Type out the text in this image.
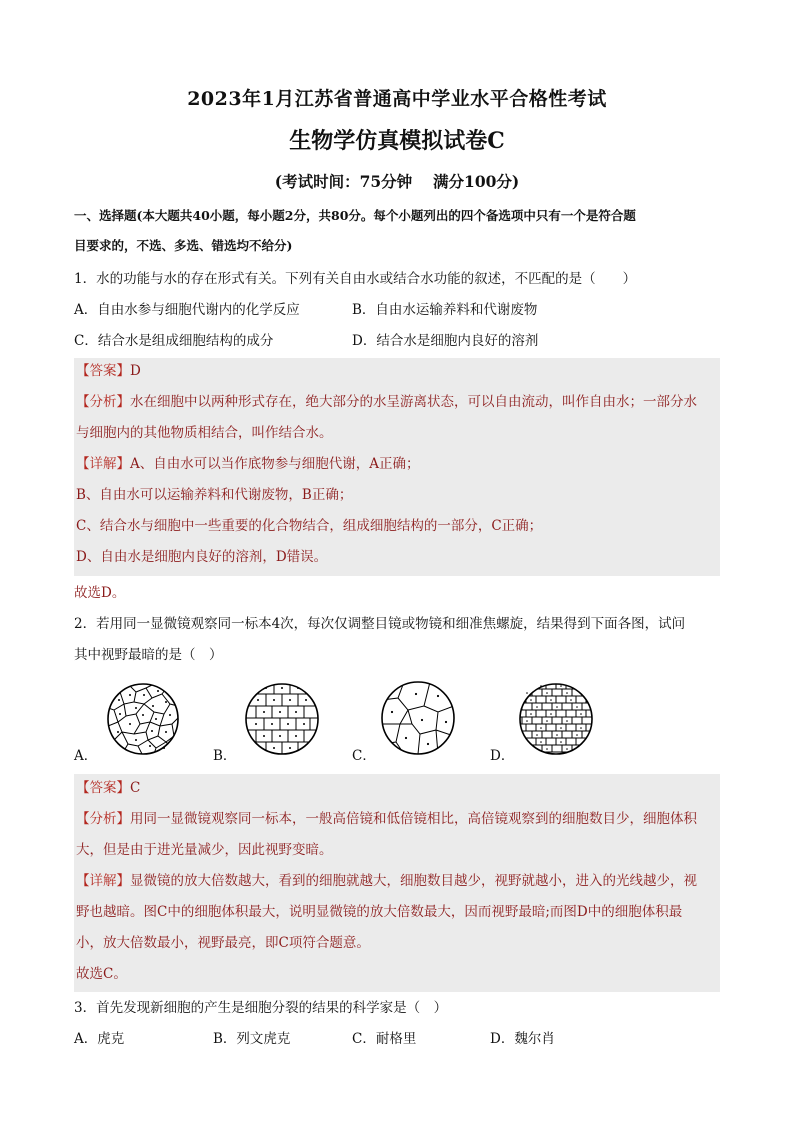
2023年1月江苏省普通高中学业水平合格性考试
生物学仿真模拟试卷C
(考试时间：75分钟　 满分100分)
一、选择题(本大题共40小题，每小题2分，共80分。每个小题列出的四个备选项中只有一个是符合题
目要求的，不选、多选、错选均不给分)
1．水的功能与水的存在形式有关。下列有关自由水或结合水功能的叙述，不匹配的是（　　）
A．自由水参与细胞代谢内的化学反应	B．自由水运输养料和代谢废物
C．结合水是组成细胞结构的成分	D．结合水是细胞内良好的溶剂
【答案】D
【分析】水在细胞中以两种形式存在，绝大部分的水呈游离状态，可以自由流动，叫作自由水；一部分水
与细胞内的其他物质相结合，叫作结合水。
【详解】A、自由水可以当作底物参与细胞代谢，A正确；
B、自由水可以运输养料和代谢废物，B正确；
C、结合水与细胞中一些重要的化合物结合，组成细胞结构的一部分，C正确；
D、自由水是细胞内良好的溶剂，D错误。
故选D。
2．若用同一显微镜观察同一标本4次，每次仅调整目镜或物镜和细准焦螺旋，结果得到下面各图，试问
其中视野最暗的是（　）
A．	B．	C．	D．
【答案】C
【分析】用同一显微镜观察同一标本，一般高倍镜和低倍镜相比，高倍镜观察到的细胞数目少，细胞体积
大，但是由于进光量减少，因此视野变暗。
【详解】显微镜的放大倍数越大，看到的细胞就越大，细胞数目越少，视野就越小，进入的光线越少，视
野也越暗。图C中的细胞体积最大，说明显微镜的放大倍数最大，因而视野最暗;而图D中的细胞体积最
小，放大倍数最小，视野最亮，即C项符合题意。
故选C。
3．首先发现新细胞的产生是细胞分裂的结果的科学家是（　）
A．虎克	B．列文虎克	C．耐格里	D．魏尔肖
